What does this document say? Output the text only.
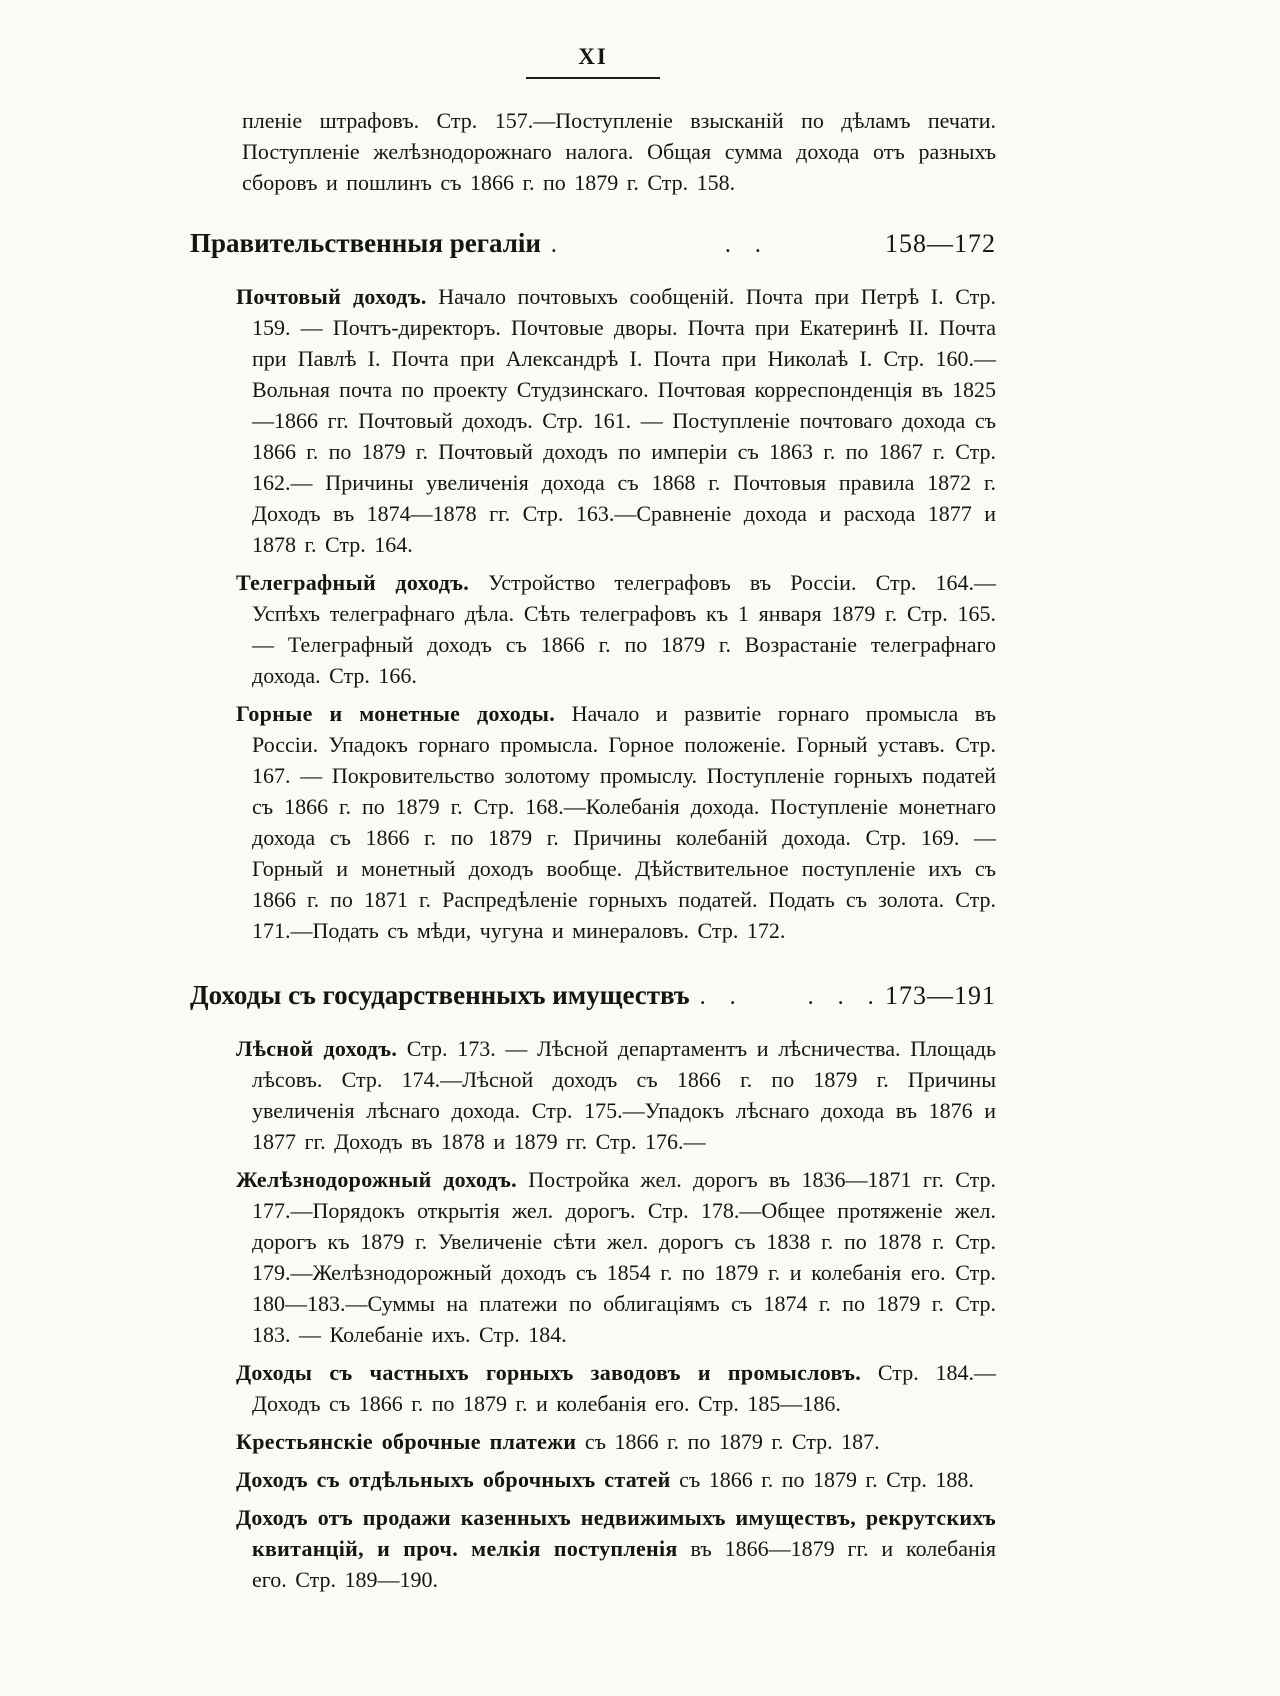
XI

пленіе штрафовъ. Стр. 157.—Поступленіе взысканій по дѣламъ печати. Поступленіе желѣзнодорожнаго налога. Общая сумма дохода отъ разныхъ сборовъ и пошлинъ съ 1866 г. по 1879 г. Стр. 158.

Правительственныя регаліи .                            .    .	158—172

Почтовый доходъ. Начало почтовыхъ сообщеній. Почта при Петрѣ I. Стр. 159. — Почтъ-директоръ. Почтовые дворы. Почта при Екатеринѣ II. Почта при Павлѣ I. Почта при Александрѣ I. Почта при Николаѣ I. Стр. 160.—Вольная почта по проекту Студзинскаго. Почтовая корреспонденція въ 1825—1866 гг. Почтовый доходъ. Стр. 161. — Поступленіе почтоваго дохода съ 1866 г. по 1879 г. Почтовый доходъ по имперіи съ 1863 г. по 1867 г. Стр. 162.— Причины увеличенія дохода съ 1868 г. Почтовыя правила 1872 г. Доходъ въ 1874—1878 гг. Стр. 163.—Сравненіе дохода и расхода 1877 и 1878 г. Стр. 164.

Телеграфный доходъ. Устройство телеграфовъ въ Россіи. Стр. 164.— Успѣхъ телеграфнаго дѣла. Сѣть телеграфовъ къ 1 января 1879 г. Стр. 165.— Телеграфный доходъ съ 1866 г. по 1879 г. Возрастаніе телеграфнаго дохода. Стр. 166.

Горные и монетные доходы. Начало и развитіе горнаго промысла въ Россіи. Упадокъ горнаго промысла. Горное положеніе. Горный уставъ. Стр. 167. — Покровительство золотому промыслу. Поступленіе горныхъ податей съ 1866 г. по 1879 г. Стр. 168.—Колебанія дохода. Поступленіе монетнаго дохода съ 1866 г. по 1879 г. Причины колебаній дохода. Стр. 169. — Горный и монетный доходъ вообще. Дѣйствительное поступленіе ихъ съ 1866 г. по 1871 г. Распредѣленіе горныхъ податей. Подать съ золота. Стр. 171.—Подать съ мѣди, чугуна и минераловъ. Стр. 172.

Доходы съ государственныхъ имуществъ .    .            .    .    . 173—191

Лѣсной доходъ. Стр. 173. — Лѣсной департаментъ и лѣсничества. Площадь лѣсовъ. Стр. 174.—Лѣсной доходъ съ 1866 г. по 1879 г. Причины увеличенія лѣснаго дохода. Стр. 175.—Упадокъ лѣснаго дохода въ 1876 и 1877 гг. Доходъ въ 1878 и 1879 гг. Стр. 176.—

Желѣзнодорожный доходъ. Постройка жел. дорогъ въ 1836—1871 гг. Стр. 177.—Порядокъ открытія жел. дорогъ. Стр. 178.—Общее протяженіе жел. дорогъ къ 1879 г. Увеличеніе сѣти жел. дорогъ съ 1838 г. по 1878 г. Стр. 179.—Желѣзнодорожный доходъ съ 1854 г. по 1879 г. и колебанія его. Стр. 180—183.—Суммы на платежи по облигаціямъ съ 1874 г. по 1879 г. Стр. 183. — Колебаніе ихъ. Стр. 184.

Доходы съ частныхъ горныхъ заводовъ и промысловъ. Стр. 184.— Доходъ съ 1866 г. по 1879 г. и колебанія его. Стр. 185—186.

Крестьянскіе оброчные платежи съ 1866 г. по 1879 г. Стр. 187.

Доходъ съ отдѣльныхъ оброчныхъ статей съ 1866 г. по 1879 г. Стр. 188.

Доходъ отъ продажи казенныхъ недвижимыхъ имуществъ, рекрутскихъ квитанцій, и проч. мелкія поступленія въ 1866—1879 гг. и колебанія его. Стр. 189—190.
